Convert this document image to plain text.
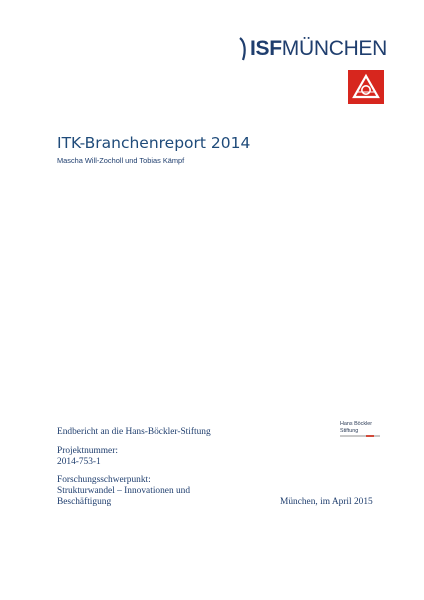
ISFMÜNCHEN
ITK-Branchenreport 2014
Mascha Will-Zocholl und Tobias Kämpf
Hans Böckler
Stiftung
Endbericht an die Hans-Böckler-Stiftung
Projektnummer:
2014-753-1
Forschungsschwerpunkt:
Strukturwandel – Innovationen und
Beschäftigung	München, im April 2015
